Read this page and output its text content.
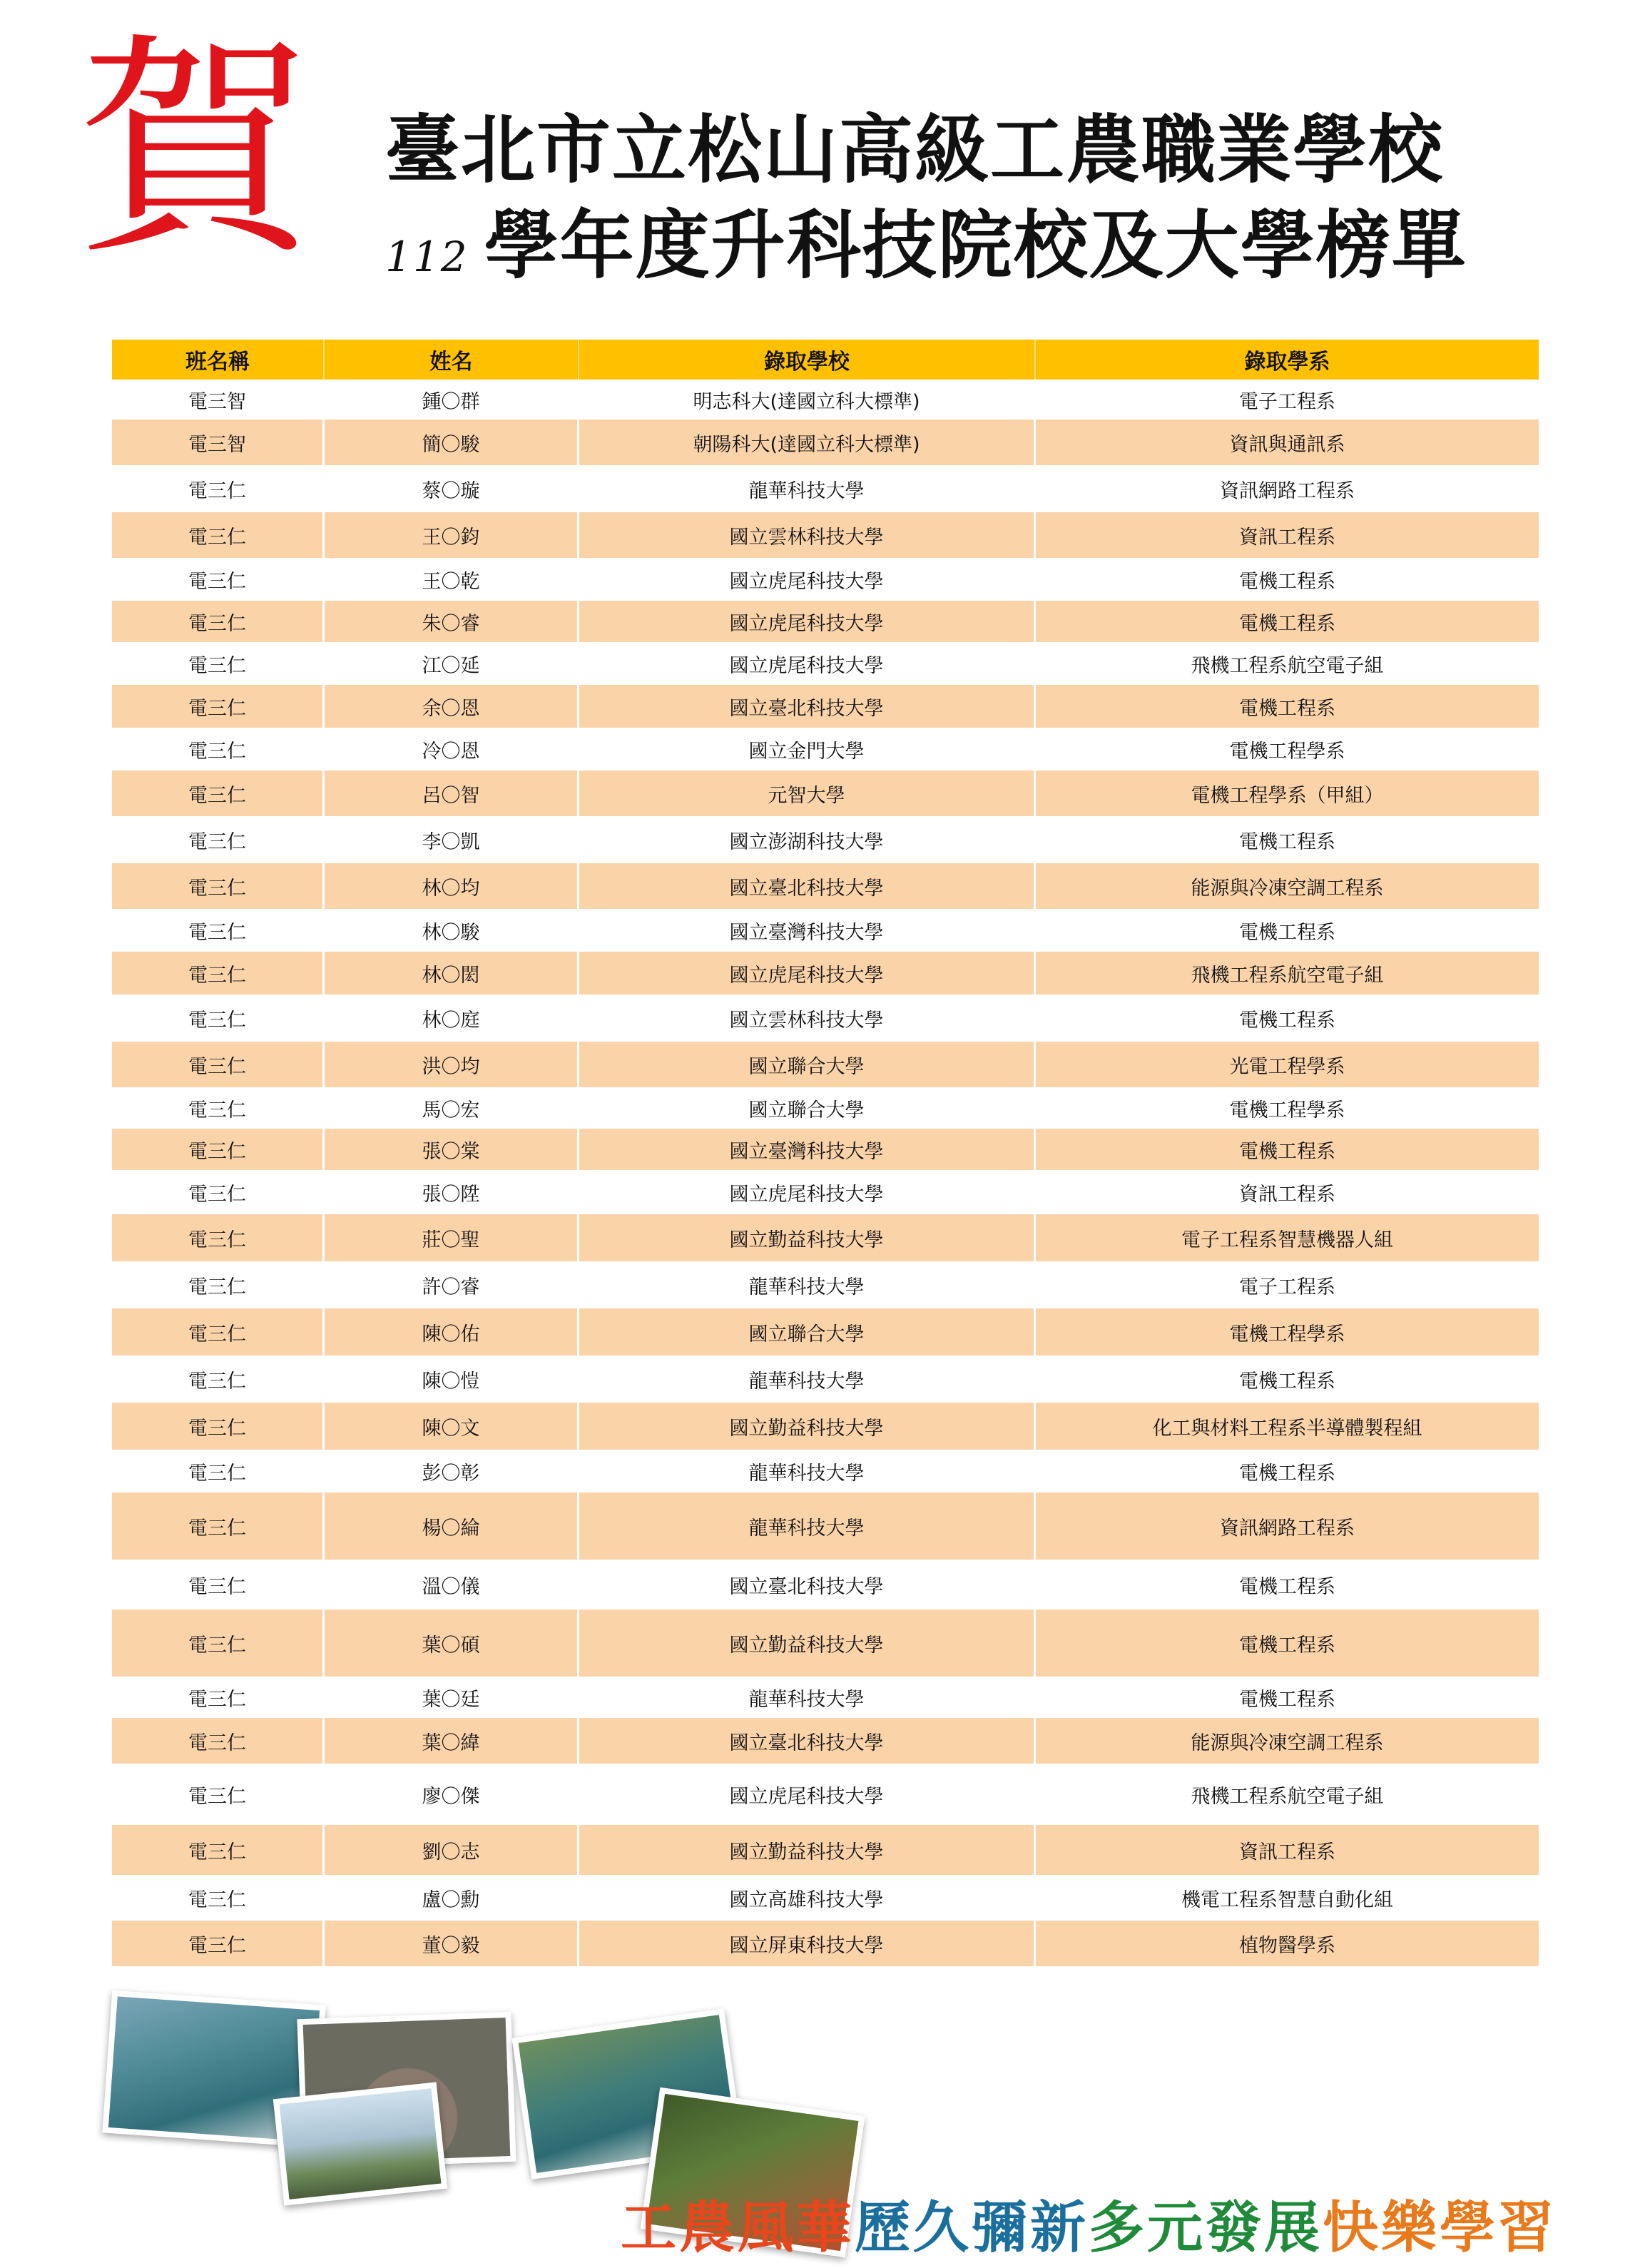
賀 臺北市立松山高級工農職業學校
112 學年度升科技院校及大學榜單
班名稱	姓名	錄取學校	錄取學系
電三智	鍾〇群	明志科大(達國立科大標準)	電子工程系
電三智	簡〇駿	朝陽科大(達國立科大標準)	資訊與通訊系
電三仁	蔡〇璇	龍華科技大學	資訊網路工程系
電三仁	王〇鈞	國立雲林科技大學	資訊工程系
電三仁	王〇乾	國立虎尾科技大學	電機工程系
電三仁	朱〇睿	國立虎尾科技大學	電機工程系
電三仁	江〇延	國立虎尾科技大學	飛機工程系航空電子組
電三仁	余〇恩	國立臺北科技大學	電機工程系
電三仁	冷〇恩	國立金門大學	電機工程學系
電三仁	呂〇智	元智大學	電機工程學系（甲組）
電三仁	李〇凱	國立澎湖科技大學	電機工程系
電三仁	林〇均	國立臺北科技大學	能源與冷凍空調工程系
電三仁	林〇駿	國立臺灣科技大學	電機工程系
電三仁	林〇閎	國立虎尾科技大學	飛機工程系航空電子組
電三仁	林〇庭	國立雲林科技大學	電機工程系
電三仁	洪〇均	國立聯合大學	光電工程學系
電三仁	馬〇宏	國立聯合大學	電機工程學系
電三仁	張〇棠	國立臺灣科技大學	電機工程系
電三仁	張〇陞	國立虎尾科技大學	資訊工程系
電三仁	莊〇聖	國立勤益科技大學	電子工程系智慧機器人組
電三仁	許〇睿	龍華科技大學	電子工程系
電三仁	陳〇佑	國立聯合大學	電機工程學系
電三仁	陳〇愷	龍華科技大學	電機工程系
電三仁	陳〇文	國立勤益科技大學	化工與材料工程系半導體製程組
電三仁	彭〇彰	龍華科技大學	電機工程系
電三仁	楊〇綸	龍華科技大學	資訊網路工程系
電三仁	溫〇儀	國立臺北科技大學	電機工程系
電三仁	葉〇碩	國立勤益科技大學	電機工程系
電三仁	葉〇廷	龍華科技大學	電機工程系
電三仁	葉〇緯	國立臺北科技大學	能源與冷凍空調工程系
電三仁	廖〇傑	國立虎尾科技大學	飛機工程系航空電子組
電三仁	劉〇志	國立勤益科技大學	資訊工程系
電三仁	盧〇勳	國立高雄科技大學	機電工程系智慧自動化組
電三仁	董〇毅	國立屏東科技大學	植物醫學系
工農風華歷久彌新多元發展快樂學習
